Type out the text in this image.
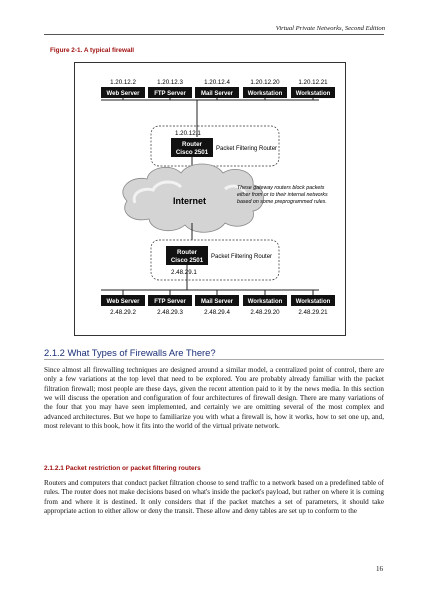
Virtual Private Networks, Second Edition
Figure 2-1. A typical firewall
Web Server
1.20.12.2
FTP Server
1.20.12.3
Mail Server
1.20.12.4
Workstation
1.20.12.20
Workstation
1.20.12.21
1.20.12.1
Router
Cisco 2501 Packet Filtering Router
Internet
These gateway routers block packets
either from or to their internal networks
based on some preprogrammed rules.
Router
Cisco 2501 Packet Filtering Router
2.48.29.1
Web Server
2.48.29.2
FTP Server
2.48.29.3
Mail Server
2.48.29.4
Workstation
2.48.29.20
Workstation
2.48.29.21
2.1.2 What Types of Firewalls Are There?
Since almost all firewalling techniques are designed around a similar model, a centralized point of control, there are only a few variations at the top level that need to be explored. You are probably already familiar with the packet filtration firewall; most people are these days, given the recent attention paid to it by the news media. In this section we will discuss the operation and configuration of four architectures of firewall design. There are many variations of the four that you may have seen implemented, and certainly we are omitting several of the most complex and advanced architectures. But we hope to familiarize you with what a firewall is, how it works, how to set one up, and, most relevant to this book, how it fits into the world of the virtual private network.
2.1.2.1 Packet restriction or packet filtering routers
Routers and computers that conduct packet filtration choose to send traffic to a network based on a predefined table of rules. The router does not make decisions based on what's inside the packet's payload, but rather on where it is coming from and where it is destined. It only considers that if the packet matches a set of parameters, it should take appropriate action to either allow or deny the transit. These allow and deny tables are set up to conform to the
16
